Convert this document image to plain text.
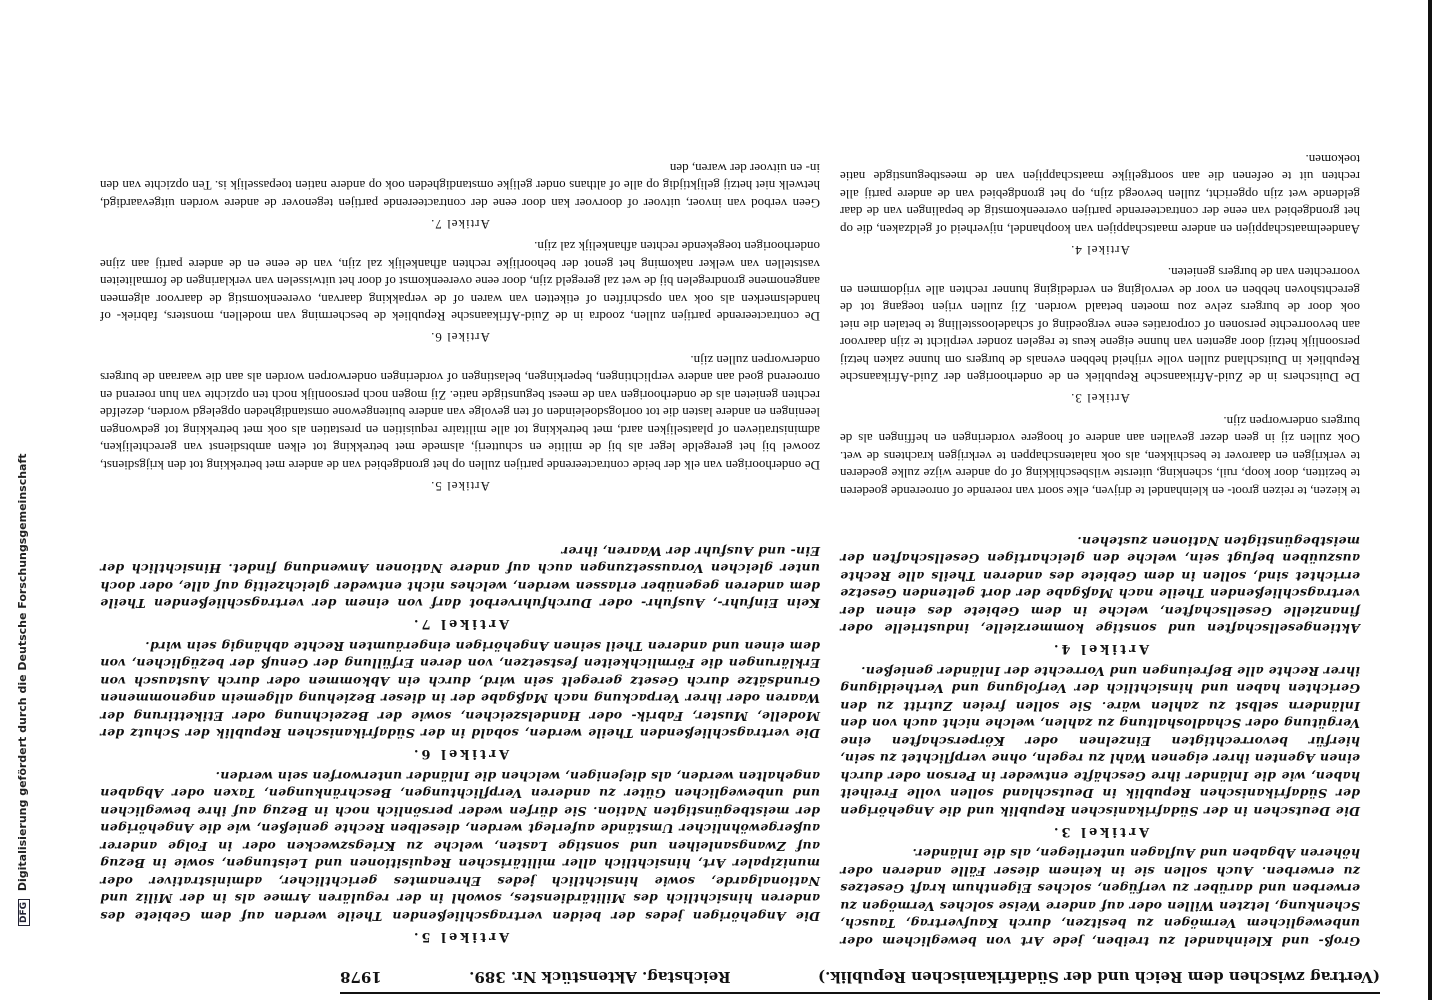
DFG Digitalisierung gefördert durch die Deutsche Forschungsgemeinschaft
(Vertrag zwischen dem Reich und der Südafrikanischen Republik.)
Reichstag. Aktenstück Nr. 389.
1978

Groß- und Kleinhandel zu treiben, jede Art von beweglichem oder unbeweglichem Vermögen zu besitzen, durch Kaufvertrag, Tausch, Schenkung, letzten Willen oder auf andere Weise solches Vermögen zu erwerben und darüber zu verfügen, solches Eigenthum kraft Gesetzes zu erwerben. Auch sollen sie in keinem dieser Fälle anderen oder höheren Abgaben und Auflagen unterliegen, als die Inländer.

Artikel 3.

Die Deutschen in der Südafrikanischen Republik und die Angehörigen der Südafrikanischen Republik in Deutschland sollen volle Freiheit haben, wie die Inländer ihre Geschäfte entweder in Person oder durch einen Agenten ihrer eigenen Wahl zu regeln, ohne verpflichtet zu sein, hierfür bevorrechtigten Einzelnen oder Körperschaften eine Vergütung oder Schadloshaltung zu zahlen, welche nicht auch von den Inländern selbst zu zahlen wäre. Sie sollen freien Zutritt zu den Gerichten haben und hinsichtlich der Verfolgung und Vertheidigung ihrer Rechte alle Befreiungen und Vorrechte der Inländer genießen.

Artikel 4.

Aktiengesellschaften und sonstige kommerzielle, industrielle oder finanzielle Gesellschaften, welche in dem Gebiete des einen der vertragschließenden Theile nach Maßgabe der dort geltenden Gesetze errichtet sind, sollen in dem Gebiete des anderen Theils alle Rechte auszuüben befugt sein, welche den gleichartigen Gesellschaften der meistbegünstigten Nationen zustehen.

Artikel 5.

Die Angehörigen jedes der beiden vertragschließenden Theile werden auf dem Gebiete des anderen hinsichtlich des Militärdienstes, sowohl in der regulären Armee als in der Miliz und Nationalgarde, sowie hinsichtlich jedes Ehrenamtes gerichtlicher, administrativer oder munizipaler Art, hinsichtlich aller militärischen Requisitionen und Leistungen, sowie in Bezug auf Zwangsanleihen und sonstige Lasten, welche zu Kriegszwecken oder in Folge anderer außergewöhnlicher Umstände auferlegt werden, dieselben Rechte genießen, wie die Angehörigen der meistbegünstigten Nation. Sie dürfen weder persönlich noch in Bezug auf ihre beweglichen und unbeweglichen Güter zu anderen Verpflichtungen, Beschränkungen, Taxen oder Abgaben angehalten werden, als diejenigen, welchen die Inländer unterworfen sein werden.

Artikel 6.

Die vertragschließenden Theile werden, sobald in der Südafrikanischen Republik der Schutz der Modelle, Muster, Fabrik- oder Handelszeichen, sowie der Bezeichnung oder Etikettirung der Waaren oder ihrer Verpackung nach Maßgabe der in dieser Beziehung allgemein angenommenen Grundsätze durch Gesetz geregelt sein wird, durch ein Abkommen oder durch Austausch von Erklärungen die Förmlichkeiten festsetzen, von deren Erfüllung der Genuß der bezüglichen, von dem einen und anderen Theil seinen Angehörigen eingeräumten Rechte abhängig sein wird.

Artikel 7.

Kein Einfuhr-, Ausfuhr- oder Durchfuhrverbot darf von einem der vertragschließenden Theile dem anderen gegenüber erlassen werden, welches nicht entweder gleichzeitig auf alle, oder doch unter gleichen Voraussetzungen auch auf andere Nationen Anwendung findet. Hinsichtlich der Ein- und Ausfuhr der Waaren, ihrer

te kiezen, te reizen groot- en kleinhandel te drijven, elke soort van roerende of onroerende goederen te bezitten, door koop, ruil, schenking, uiterste wilsbeschikking of op andere wijze zulke goederen te verkrijgen en daarover te beschikken, als ook nalatenschappen te verkrijgen krachtens de wet. Ook zullen zij in geen dezer gevallen aan andere of hoogere vorderingen en heffingen als de burgers onderworpen zijn.

Artikel 3.

De Duitschers in de Zuid-Afrikaansche Republiek en de onderhoorigen der Zuid-Afrikaansche Republiek in Duitschland zullen volle vrijheid hebben evenals de burgers om hunne zaken hetzij persoonlijk hetzij door agenten van hunne eigene keus te regelen zonder verplicht te zijn daarvoor aan bevoorrechte personen of corporaties eene vergoeding of schadeloosstelling te betalen die niet ook door de burgers zelve zou moeten betaald worden. Zij zullen vrijen toegang tot de gerechtshoven hebben en voor de vervolging en verdediging hunner rechten alle vrijdommen en voorrechten van de burgers genieten.

Artikel 4.

Aandeelmaatschappijen en andere maatschappijen van koophandel, nijverheid of geldzaken, die op het grondgebied van eene der contracteerende partijen overeenkomstig de bepalingen van de daar geldende wet zijn opgericht, zullen bevoegd zijn, op het grondgebied van de andere partij alle rechten uit te oefenen die aan soortgelijke maatschappijen van de meestbegunstigde natie toekomen.

Artikel 5.

De onderhoorigen van elk der beide contracteerende partijen zullen op het grondgebied van de andere met betrekking tot den krijgsdienst, zoowel bij het geregelde leger als bij de militie en schutterij, alsmede met betrekking tot elken ambtsdienst van gerechtelijken, administratieven of plaatselijken aard, met betrekking tot alle militaire requisitien en prestatien als ook met betrekking tot gedwongen leeningen en andere lasten die tot oorlogsdoeleinden of ten gevolge van andere buitengewone omstandigheden opgelegd worden, dezelfde rechten genieten als de onderhoorigen van de meest begunstigde natie. Zij mogen noch persoonlijk noch ten opzichte van hun roerend en onroerend goed aan andere verplichtingen, beperkingen, belastingen of vorderingen onderworpen worden als aan die waaraan de burgers onderworpen zullen zijn.

Artikel 6.

De contracteerende partijen zullen, zoodra in de Zuid-Afrikaansche Republiek de bescherming van modellen, monsters, fabriek- of handelsmerken als ook van opschriften of etiketten van waren of de verpakking daarvan, overeenkomstig de daarvoor algemeen aangenomene grondregelen bij de wet zal geregeld zijn, door eene overeenkomst of door het uitwisselen van verklaringen de formaliteiten vaststellen van welker nakoming het genot der behoorlijke rechten afhankelijk zal zijn, van de eene en de andere partij aan zijne onderhoorigen toegekende rechten afhankelijk zal zijn.

Artikel 7.

Geen verbod van invoer, uitvoer of doorvoer kan door eene der contracteerende partijen tegenover de andere worden uitgevaardigd, hetwelk niet hetzij gelijktijdig op alle of althans onder gelijke omstandigheden ook op andere natien toepasselijk is. Ten opzichte van den in- en uitvoer der waren, den
